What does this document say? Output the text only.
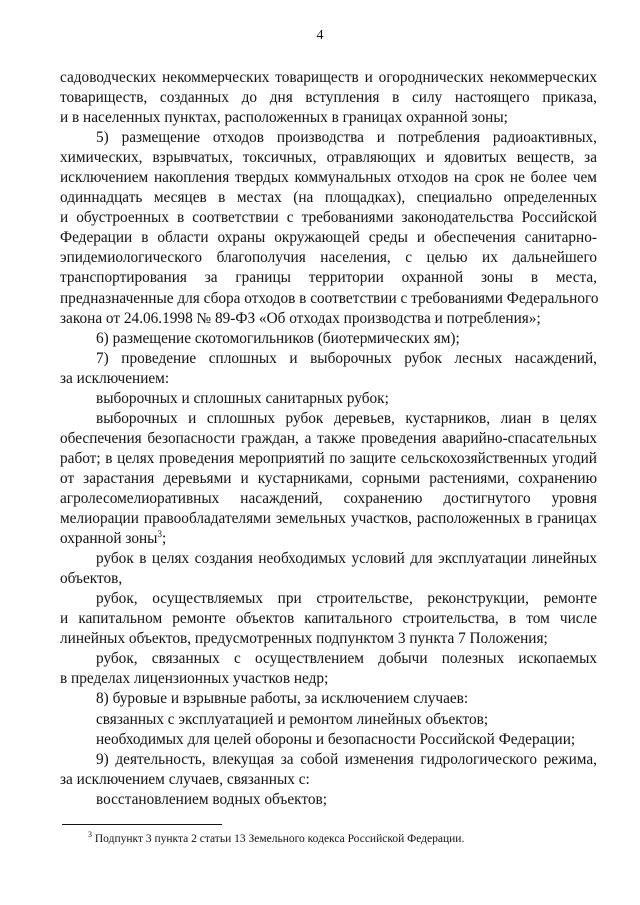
4
садоводческих некоммерческих товариществ и огороднических некоммерческих
товариществ, созданных до дня вступления в силу настоящего приказа,
и в населенных пунктах, расположенных в границах охранной зоны;
5) размещение отходов производства и потребления радиоактивных,
химических, взрывчатых, токсичных, отравляющих и ядовитых веществ, за
исключением накопления твердых коммунальных отходов на срок не более чем
одиннадцать месяцев в местах (на площадках), специально определенных
и обустроенных в соответствии с требованиями законодательства Российской
Федерации в области охраны окружающей среды и обеспечения санитарно-
эпидемиологического благополучия населения, с целью их дальнейшего
транспортирования за границы территории охранной зоны в места,
предназначенные для сбора отходов в соответствии с требованиями Федерального
закона от 24.06.1998 № 89-ФЗ «Об отходах производства и потребления»;
6) размещение скотомогильников (биотермических ям);
7) проведение сплошных и выборочных рубок лесных насаждений,
за исключением:
выборочных и сплошных санитарных рубок;
выборочных и сплошных рубок деревьев, кустарников, лиан в целях
обеспечения безопасности граждан, а также проведения аварийно-спасательных
работ; в целях проведения мероприятий по защите сельскохозяйственных угодий
от зарастания деревьями и кустарниками, сорными растениями, сохранению
агролесомелиоративных насаждений, сохранению достигнутого уровня
мелиорации правообладателями земельных участков, расположенных в границах
охранной зоны$^3$;
рубок в целях создания необходимых условий для эксплуатации линейных
объектов,
рубок, осуществляемых при строительстве, реконструкции, ремонте
и капитальном ремонте объектов капитального строительства, в том числе
линейных объектов, предусмотренных подпунктом 3 пункта 7 Положения;
рубок, связанных с осуществлением добычи полезных ископаемых
в пределах лицензионных участков недр;
8) буровые и взрывные работы, за исключением случаев:
связанных с эксплуатацией и ремонтом линейных объектов;
необходимых для целей обороны и безопасности Российской Федерации;
9) деятельность, влекущая за собой изменения гидрологического режима,
за исключением случаев, связанных с:
восстановлением водных объектов;
$^3$ Подпункт 3 пункта 2 статьи 13 Земельного кодекса Российской Федерации.
